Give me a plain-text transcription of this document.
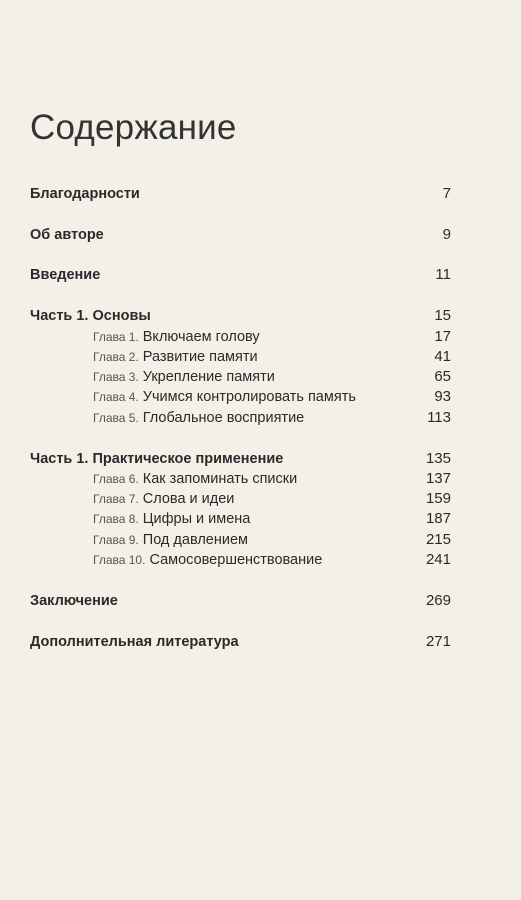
Содержание
Благодарности	7
Об авторе	9
Введение	11
Часть 1. Основы	15
Глава 1. Включаем голову	17
Глава 2. Развитие памяти	41
Глава 3. Укрепление памяти	65
Глава 4. Учимся контролировать память	93
Глава 5. Глобальное восприятие	113
Часть 1. Практическое применение	135
Глава 6. Как запоминать списки	137
Глава 7. Слова и идеи	159
Глава 8. Цифры и имена	187
Глава 9. Под давлением	215
Глава 10. Самосовершенствование	241
Заключение	269
Дополнительная литература	271
